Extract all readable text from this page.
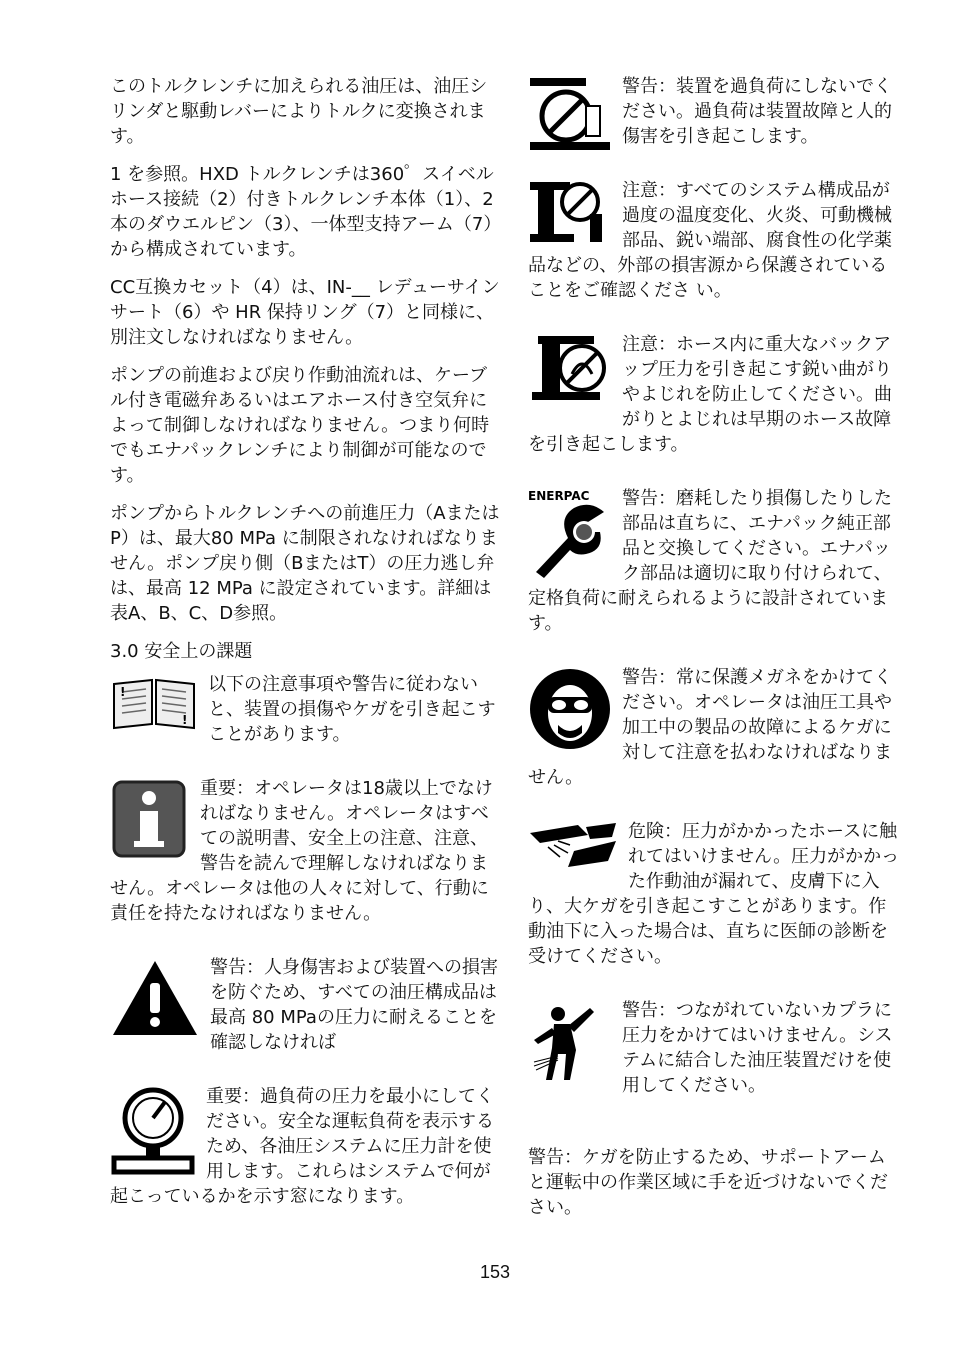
このトルクレンチに加えられる油圧は、油圧シリンダと駆動レバーによりトルクに変換されます。

1 を参照。HXD トルクレンチは360゜スイベルホース接続（2）付きトルクレンチ本体（1）、2本のダウエルピン（3）、一体型支持アーム（7）から構成されています。

CC互換カセット（4）は、IN-__ レデューサインサート（6）や HR 保持リング（7）と同様に、別注文しなければなりません。

ポンプの前進および戻り作動油流れは、ケーブル付き電磁弁あるいはエアホース付き空気弁によって制御しなければなりません。つまり何時でもエナパックレンチにより制御が可能なのです。

ポンプからトルクレンチへの前進圧力（AまたはP）は、最大80 MPa に制限されなければなりません。ポンプ戻り側（BまたはT）の圧力逃し弁は、最高 12 MPa に設定されています。詳細は表A、B、C、D参照。

3.0 安全上の課題
!
!

以下の注意事項や警告に従わないと、装置の損傷やケガを引き起こすことがあります。

重要：オペレータは18歳以上でなければなりません。オペレータはすべての説明書、安全上の注意、注意、警告を読んで理解しなければなりません。オペレータは他の人々に対して、行動に責任を持たなければなりません。

警告：人身傷害および装置への損害を防ぐため、すべての油圧構成品は最高 80 MPaの圧力に耐えることを確認しなければ

重要：過負荷の圧力を最小にしてください。安全な運転負荷を表示するため、各油圧システムに圧力計を使用します。これらはシステムで何が起こっているかを示す窓になります。

警告：装置を過負荷にしないでください。過負荷は装置故障と人的傷害を引き起こします。

注意：すべてのシステム構成品が過度の温度変化、火炎、可動機械部品、鋭い端部、腐食性の化学薬品などの、外部の損害源から保護されていることをご確認くださ い。

注意：ホース内に重大なバックアップ圧力を引き起こす鋭い曲がりやよじれを防止してください。曲がりとよじれは早期のホース故障を引き起こします。

ENERPAC	警告：磨耗したり損傷したりした部品は直ちに、エナパック純正部品と交換してください。エナパック部品は適切に取り付けられて、定格負荷に耐えられるように設計されています。

警告：常に保護メガネをかけてください。オペレータは油圧工具や加工中の製品の故障によるケガに対して注意を払わなければなりません。

危険：圧力がかかったホースに触れてはいけません。圧力がかかった作動油が漏れて、皮膚下に入り、大ケガを引き起こすことがあります。作動油下に入った場合は、直ちに医師の診断を受けてください。

警告：つながれていないカプラに圧力をかけてはいけません。システムに結合した油圧装置だけを使用してください。

警告：ケガを防止するため、サポートアームと運転中の作業区域に手を近づけないでください。

153
